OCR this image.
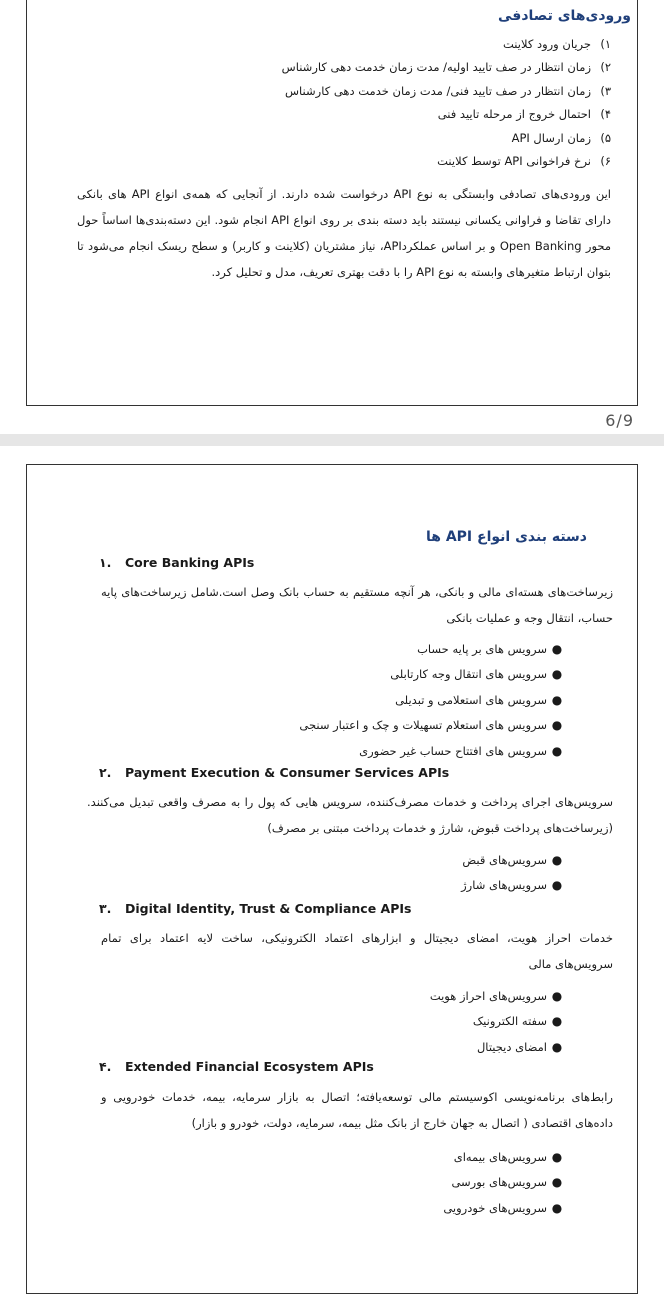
ورودی‌های تصادفی
۱)جریان ورود کلاینت
۲)زمان انتظار در صف تایید اولیه/ مدت زمان خدمت دهی کارشناس
۳)زمان انتظار در صف تایید فنی/ مدت زمان خدمت دهی کارشناس
۴)احتمال خروج از مرحله تایید فنی
۵)زمان ارسال API
۶)نرخ فراخوانی API توسط کلاینت

این ورودی‌های تصادفی وابستگی به نوع API درخواست شده دارند. از آنجایی که همه‌ی انواع API های بانکی دارای تقاضا و فراوانی یکسانی نیستند باید دسته بندی بر روی انواع API انجام شود. این دسته‌بندی‌ها اساساً حول محور Open Banking و بر اساس عملکردAPI، نیاز مشتریان (کلاینت و کاربر) و سطح ریسک انجام می‌شود تا بتوان ارتباط متغیرهای وابسته به نوع API را با دقت بهتری تعریف، مدل و تحلیل کرد.

6/9
دسته بندی انواع API ها
۱. Core Banking APIs

زیرساخت‌های هسته‌ای مالی و بانکی، هر آنچه مستقیم به حساب بانک وصل است.شامل زیرساخت‌های پایه حساب، انتقال وجه و عملیات بانکی

●سرویس های بر پایه حساب
●سرویس های انتقال وجه کارتابلی
●سرویس های استعلامی و تبدیلی
●سرویس های استعلام تسهیلات و چک و اعتبار سنجی
●سرویس های افتتاح حساب غیر حضوری
۲. Payment Execution & Consumer Services APIs

سرویس‌های اجرای پرداخت و خدمات مصرف‌کننده، سرویس هایی که پول را به مصرف واقعی تبدیل می‌کنند. (زیرساخت‌های پرداخت قبوض، شارژ و خدمات پرداخت مبتنی بر مصرف)

●سرویس‌های قبض
●سرویس‌های شارژ
۳. Digital Identity, Trust & Compliance APIs

خدمات احراز هویت، امضای دیجیتال و ابزارهای اعتماد الکترونیکی، ساخت لایه اعتماد برای تمام سرویس‌های مالی

●سرویس‌های احراز هویت
●سفته الکترونیک
●امضای دیجیتال
۴. Extended Financial Ecosystem APIs

رابط‌های برنامه‌نویسی اکوسیستم مالی توسعه‌یافته؛ اتصال به بازار سرمایه، بیمه، خدمات خودرویی و داده‌های اقتصادی ( اتصال به جهان خارج از بانک مثل بیمه، سرمایه، دولت، خودرو و بازار)

●سرویس‌های بیمه‌ای
●سرویس‌های بورسی
●سرویس‌های خودرویی
